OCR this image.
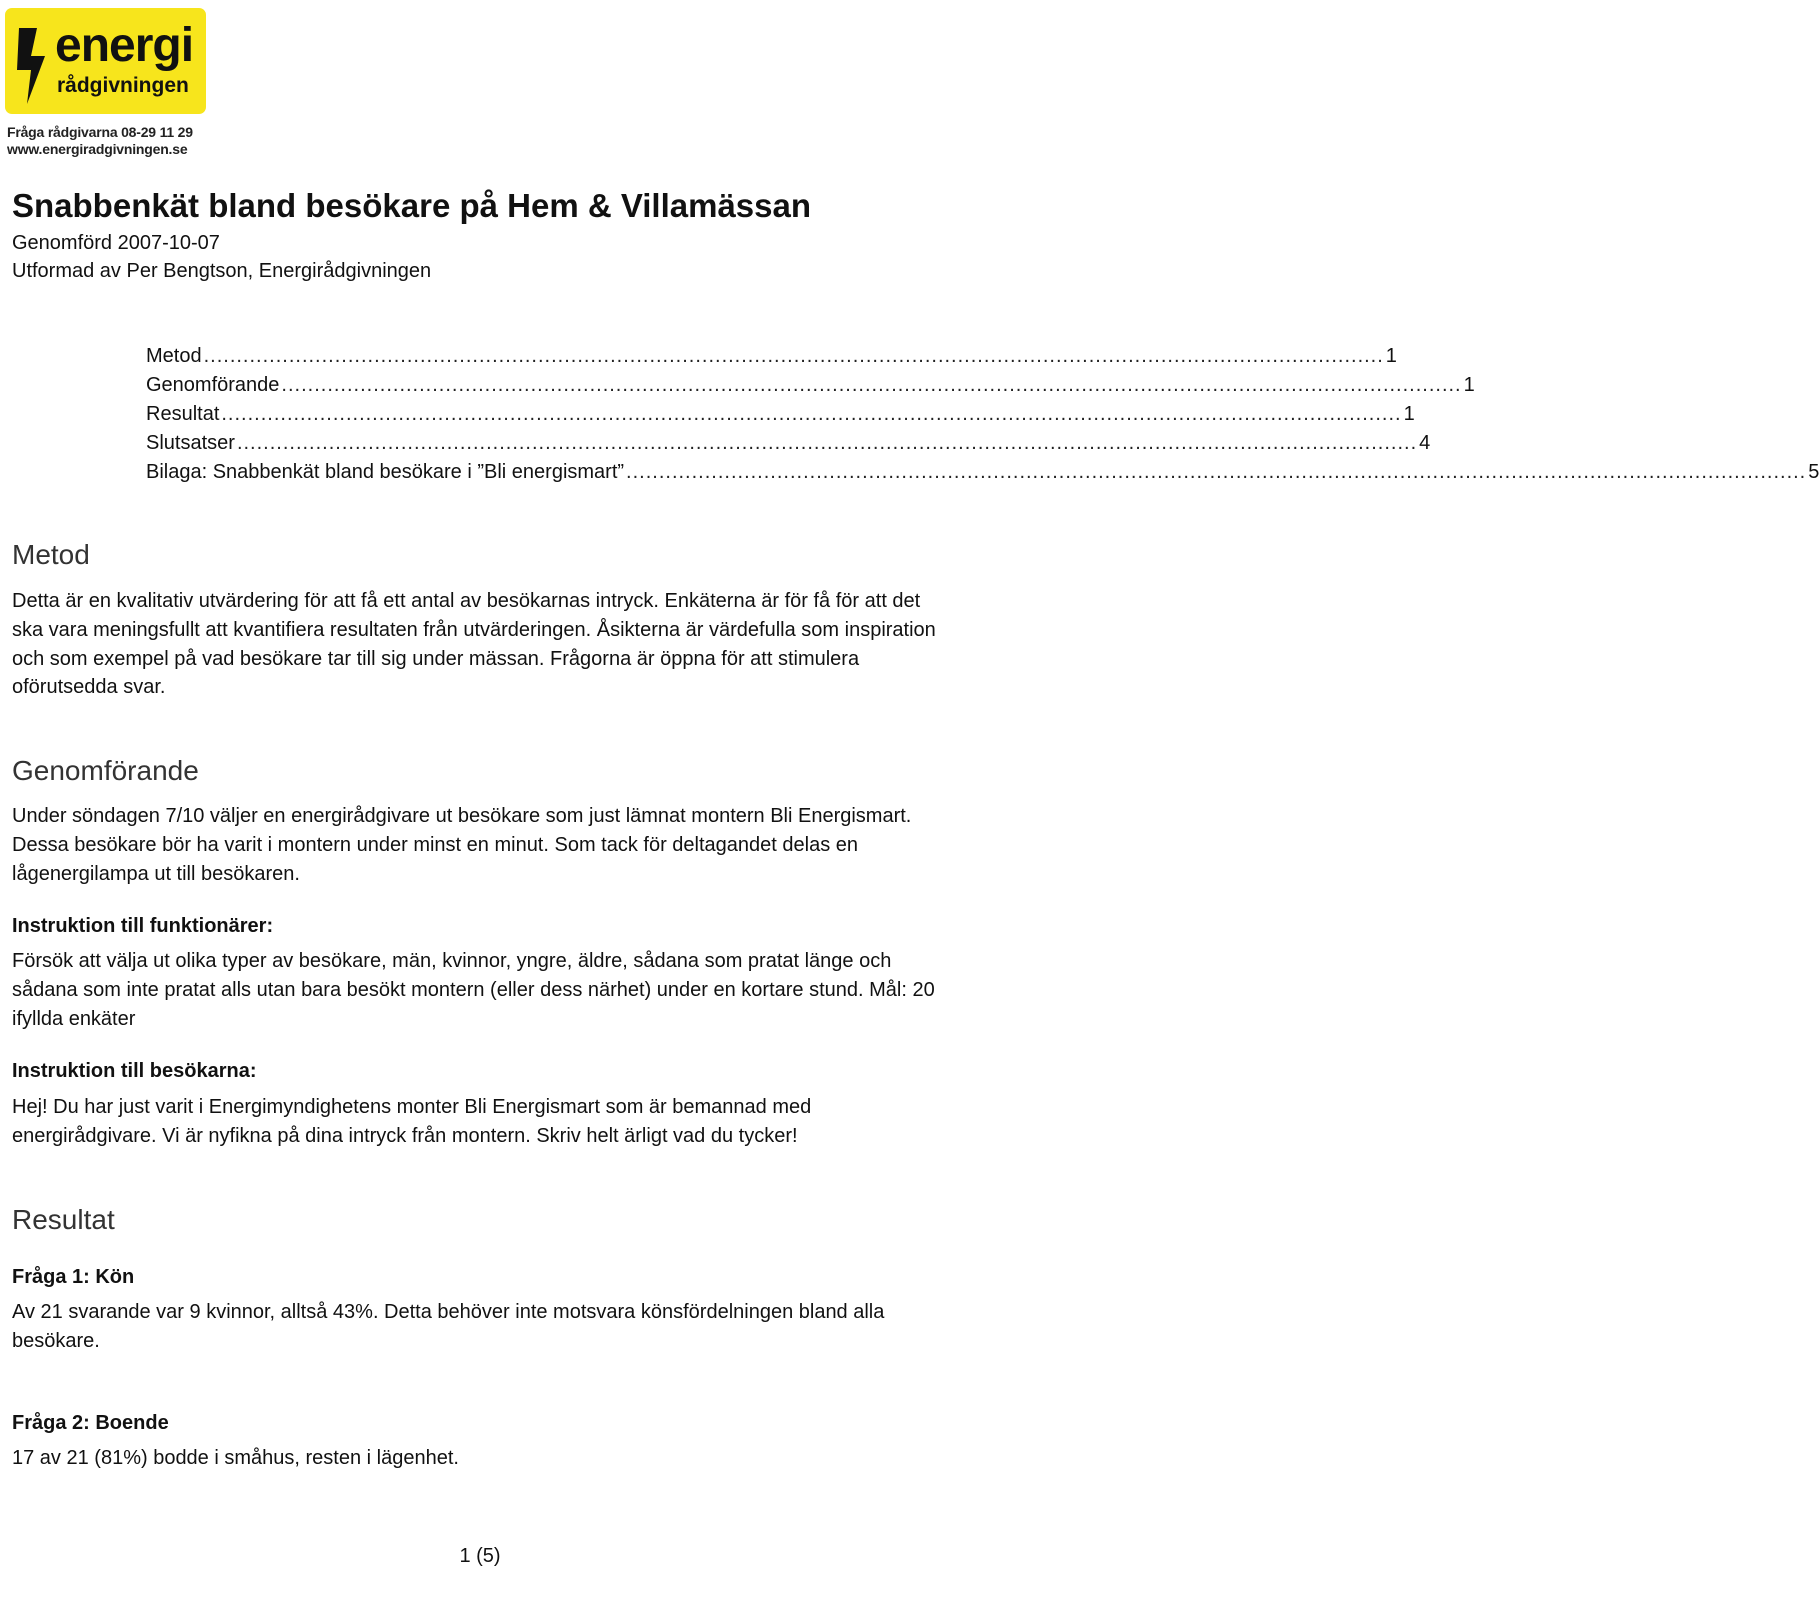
energi
rådgivningen
Fråga rådgivarna 08-29 11 29
www.energiradgivningen.se
Snabbenkät bland besökare på Hem & Villamässan
Genomförd 2007-10-07
Utformad av Per Bengtson, Energirådgivningen
Metod .................................................................................................................................................................................... 1
Genomförande .................................................................................................................................................................................... 1
Resultat .................................................................................................................................................................................... 1
Slutsatser .................................................................................................................................................................................... 4
Bilaga: Snabbenkät bland besökare i ”Bli energismart” .................................................................................................................................................................................... 5
Metod

Detta är en kvalitativ utvärdering för att få ett antal av besökarnas intryck. Enkäterna är för få för att det ska vara meningsfullt att kvantifiera resultaten från utvärderingen. Åsikterna är värdefulla som inspiration och som exempel på vad besökare tar till sig under mässan. Frågorna är öppna för att stimulera oförutsedda svar.

Genomförande

Under söndagen 7/10 väljer en energirådgivare ut besökare som just lämnat montern Bli Energismart. Dessa besökare bör ha varit i montern under minst en minut. Som tack för deltagandet delas en lågenergilampa ut till besökaren.

Instruktion till funktionärer:

Försök att välja ut olika typer av besökare, män, kvinnor, yngre, äldre, sådana som pratat länge och sådana som inte pratat alls utan bara besökt montern (eller dess närhet) under en kortare stund. Mål: 20 ifyllda enkäter

Instruktion till besökarna:

Hej! Du har just varit i Energimyndighetens monter Bli Energismart som är bemannad med energirådgivare. Vi är nyfikna på dina intryck från montern. Skriv helt ärligt vad du tycker!

Resultat
Fråga 1: Kön

Av 21 svarande var 9 kvinnor, alltså 43%. Detta behöver inte motsvara könsfördelningen bland alla besökare.

Fråga 2: Boende

17 av 21 (81%) bodde i småhus, resten i lägenhet.

1 (5)
